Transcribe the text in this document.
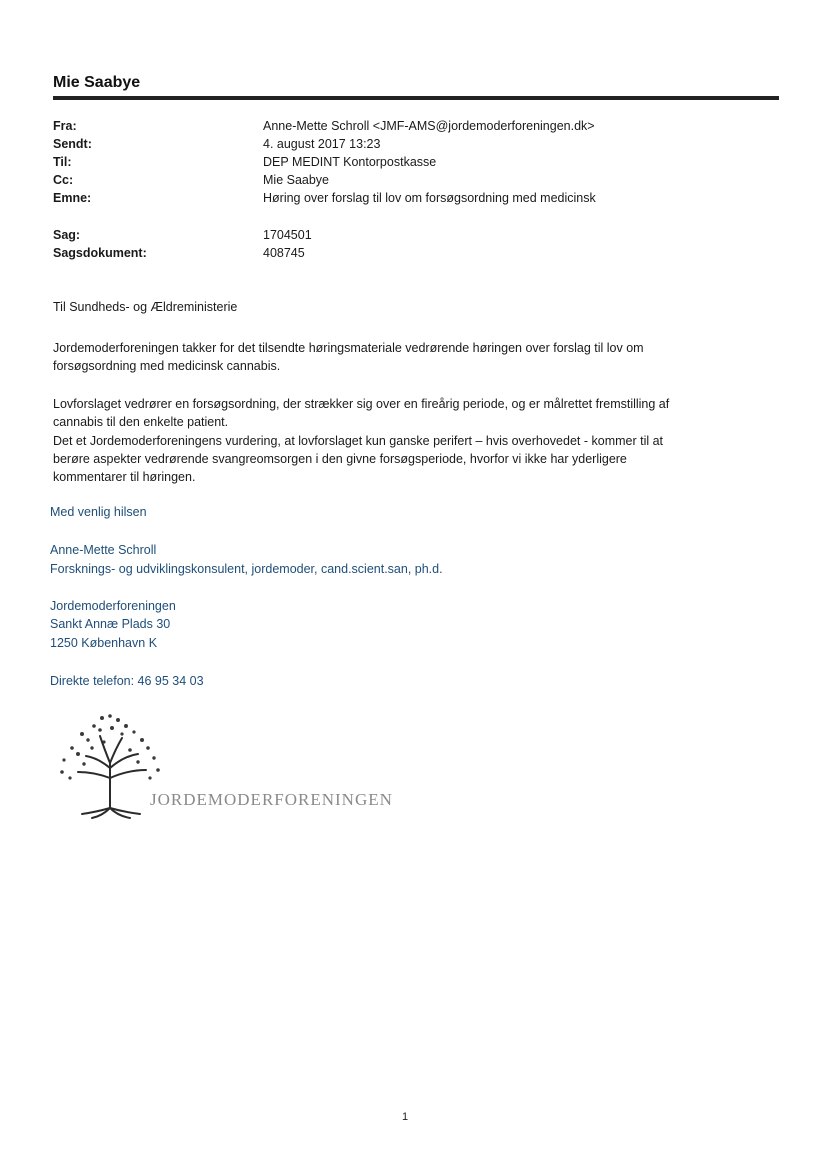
Mie Saabye
Fra:
Sendt:
Til:
Cc:
Emne:
Sag:
Sagsdokument:
Anne-Mette Schroll <JMF-AMS@jordemoderforeningen.dk>
4. august 2017 13:23
DEP MEDINT Kontorpostkasse
Mie Saabye
Høring over forslag til lov om forsøgsordning med medicinsk
1704501
408745
Til Sundheds- og Ældreministerie
Jordemoderforeningen takker for det tilsendte høringsmateriale vedrørende høringen over forslag til lov om
forsøgsordning med medicinsk cannabis.
Lovforslaget vedrører en forsøgsordning, der strækker sig over en fireårig periode, og er målrettet fremstilling af
cannabis til den enkelte patient.
Det et Jordemoderforeningens vurdering, at lovforslaget kun ganske perifert – hvis overhovedet - kommer til at
berøre aspekter vedrørende svangreomsorgen i den givne forsøgsperiode, hvorfor vi ikke har yderligere
kommentarer til høringen.
Med venlig hilsen
Anne-Mette Schroll
Forsknings- og udviklingskonsulent, jordemoder, cand.scient.san, ph.d.
Jordemoderforeningen
Sankt Annæ Plads 30
1250 København K
Direkte telefon: 46 95 34 03
JORDEMODERFORENINGEN
1
